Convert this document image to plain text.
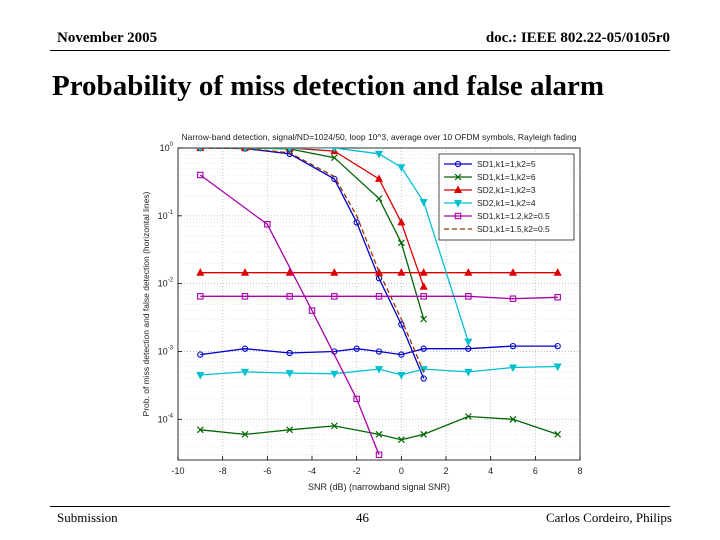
November 2005	doc.: IEEE 802.22-05/0105r0
Probability of miss detection and false alarm
-10	-8	-6	-4	-2	0	2	4	6	8
$10^0$
$10^{-1}$
$10^{-2}$
$10^{-3}$
$10^{-4}$
Narrow-band detection, signal/ND=1024/50, loop 10^3, average over 10 OFDM symbols, Rayleigh fading
SNR (dB) (narrowband signal SNR)
Prob. of miss detection and false detection (horizontal lines)
SD1,k1=1,k2=5
SD1,k1=1,k2=6
SD2,k1=1,k2=3
SD2,k1=1,k2=4
SD1,k1=1.2,k2=0.5
SD1,k1=1.5,k2=0.5
Submission	46	Carlos Cordeiro, Philips
